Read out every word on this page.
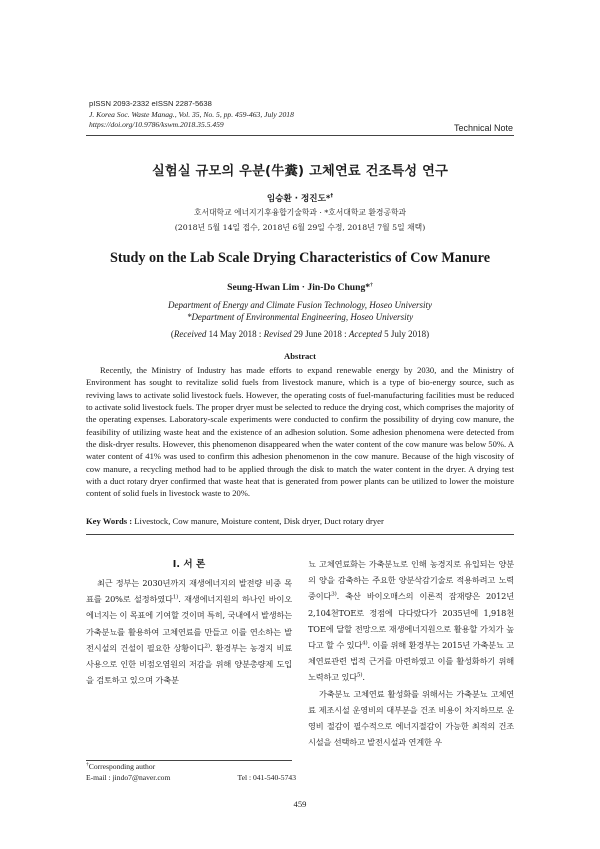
pISSN 2093-2332 eISSN 2287-5638
J. Korea Soc. Waste Manag., Vol. 35, No. 5, pp. 459-463, July 2018
https://doi.org/10.9786/kswm.2018.35.5.459	Technical Note
실험실 규모의 우분(牛糞) 고체연료 건조특성 연구
임승환 · 정진도*†
호서대학교 에너지기후융합기술학과 · *호서대학교 환경공학과
(2018년 5월 14일 접수, 2018년 6월 29일 수정, 2018년 7월 5일 채택)
Study on the Lab Scale Drying Characteristics of Cow Manure
Seung-Hwan Lim · Jin-Do Chung*†
Department of Energy and Climate Fusion Technology, Hoseo University
*Department of Environmental Engineering, Hoseo University
(Received 14 May 2018 : Revised 29 June 2018 : Accepted 5 July 2018)
Abstract
Recently, the Ministry of Industry has made efforts to expand renewable energy by 2030, and the Ministry of Environment has sought to revitalize solid fuels from livestock manure, which is a type of bio-energy source, such as reviving laws to activate solid livestock fuels. However, the operating costs of fuel-manufacturing facilities must be reduced to activate solid livestock fuels. The proper dryer must be selected to reduce the drying cost, which comprises the majority of the operating expenses. Laboratory-scale experiments were conducted to confirm the possibility of drying cow manure, the feasibility of utilizing waste heat and the existence of an adhesion solution. Some adhesion phenomena were detected from the disk-dryer results. However, this phenomenon disappeared when the water content of the cow manure was below 50%. A water content of 41% was used to confirm this adhesion phenomenon in the cow manure. Because of the high viscosity of cow manure, a recycling method had to be applied through the disk to match the water content in the dryer. A drying test with a duct rotary dryer confirmed that waste heat that is generated from power plants can be utilized to lower the moisture content of solid fuels in livestock waste to 20%.
Key Words : Livestock, Cow manure, Moisture content, Disk dryer, Duct rotary dryer
I. 서 론

최근 정부는 2030년까지 재생에너지의 발전량 비중 목표를 20%로 설정하였다$^{1)}$. 재생에너지원의 하나인 바이오에너지는 이 목표에 기여할 것이며 특히, 국내에서 발생하는 가축분뇨를 활용하여 고체연료를 만들고 이를 연소하는 발전시설의 건설이 필요한 상황이다$^{2)}$. 환경부는 농경지 비료 사용으로 인한 비점오염원의 저감을 위해 양분총량제 도입을 검토하고 있으며 가축분

뇨 고체연료화는 가축분뇨로 인해 농경지로 유입되는 양분의 양을 감축하는 주요한 양분삭감기술로 적용하려고 노력중이다$^{3)}$. 축산 바이오매스의 이론적 잠재량은 2012년 2,104천TOE로 정점에 다다랐다가 2035년에 1,918천TOE에 달할 전망으로 재생에너지원으로 활용할 가치가 높다고 할 수 있다$^{4)}$. 이를 위해 환경부는 2015년 가축분뇨 고체연료관련 법적 근거를 마련하였고 이를 활성화하기 위해 노력하고 있다$^{5)}$.

가축분뇨 고체연료 활성화를 위해서는 가축분뇨 고체연료 제조시설 운영비의 대부분을 건조 비용이 차지하므로 운영비 절감이 필수적으로 에너지절감이 가능한 최적의 건조시설을 선택하고 발전시설과 연계한 우

†Corresponding author
E-mail : jindo7@naver.com	Tel : 041-540-5743
459
